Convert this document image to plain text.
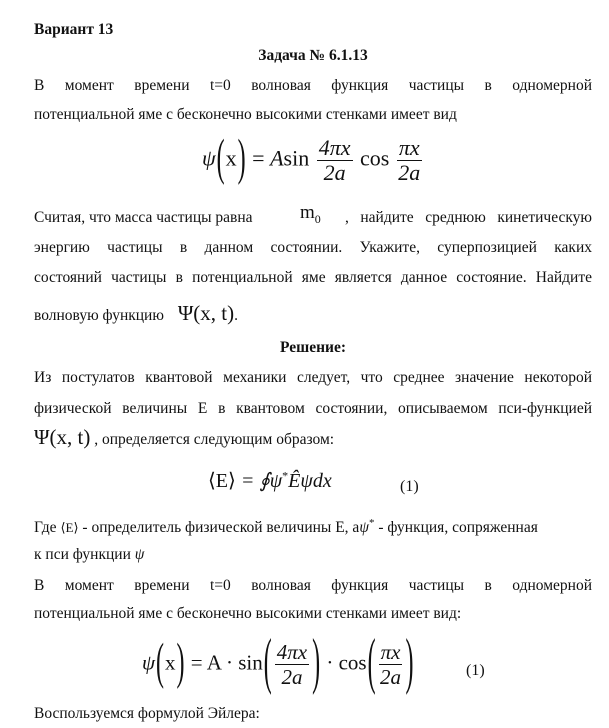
Вариант 13
Задача № 6.1.13
В момент времени t=0 волновая функция частицы в одномерной
потенциальной яме с бесконечно высокими стенками имеет вид
ψ(x) = Asin $\frac{4\pi x}{2a}$ $\cos \frac{\pi x}{2a}$
Считая, что масса частицы равна $m_0$ , найдите среднюю кинетическую
энергию частицы в данном состоянии. Укажите, суперпозицией каких
состояний частицы в потенциальной яме является данное состояние. Найдите
волновую функцию Ψ(x, t).
Решение:
Из постулатов квантовой механики следует, что среднее значение некоторой
физической величины E в квантовом состоянии, описываемом пси-функцией
Ψ(x, t) , определяется следующим образом:
⟨E⟩ = ∮ψ*Êψdx	(1)
Где ⟨E⟩ - определитель физической величины E, аψ* - функция, сопряженная
к пси функции ψ
В момент времени t=0 волновая функция частицы в одномерной
потенциальной яме с бесконечно высокими стенками имеет вид:
$\psi(x) = A \cdot \sin( \frac{4\pi x}{2a}$ ) · $\cos( \frac{\pi x}{2a}$ )	(1)
Воспользуемся формулой Эйлера:
